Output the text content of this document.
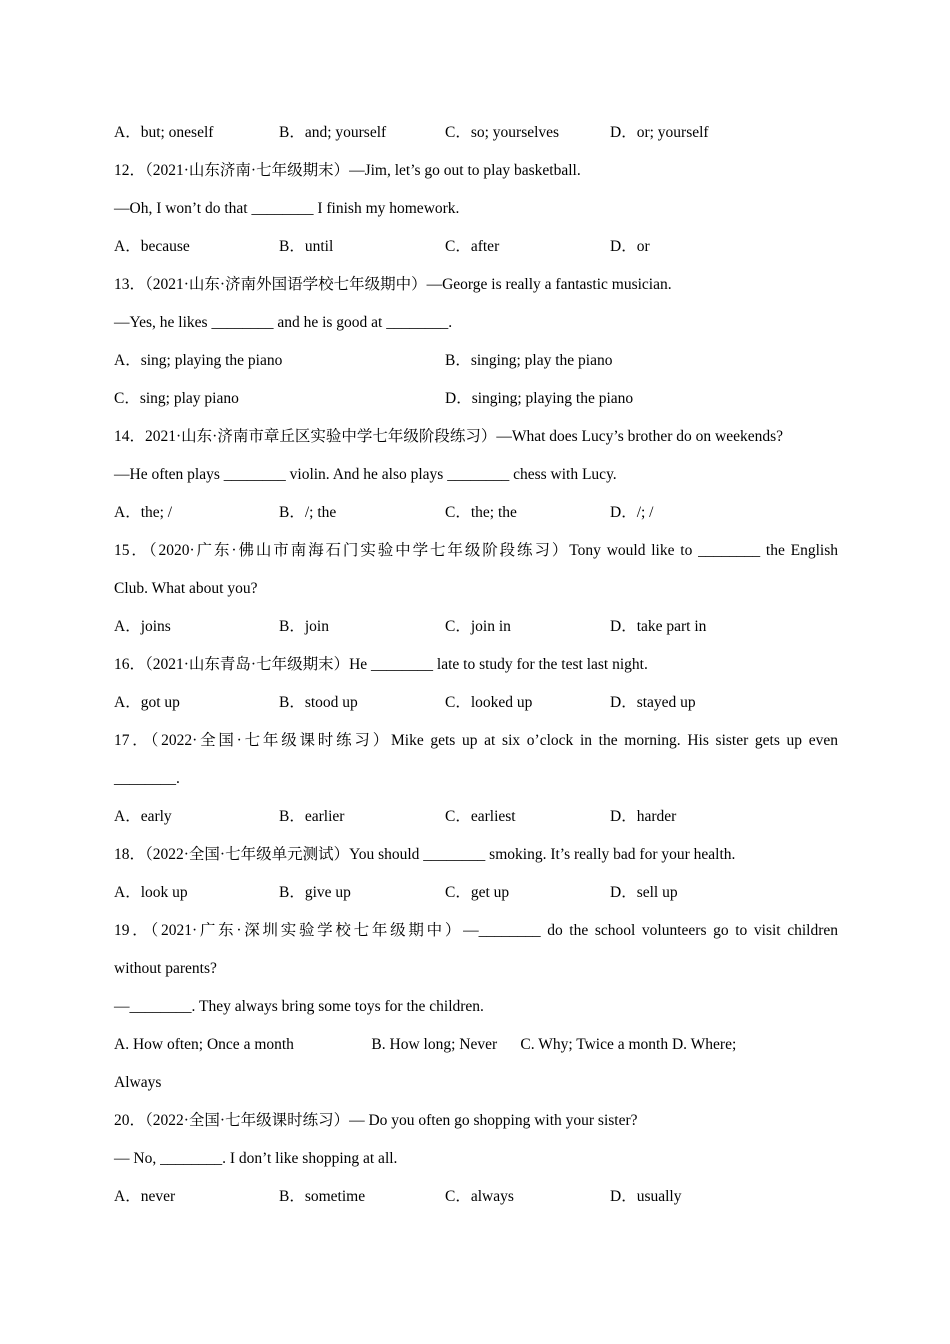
A．but; oneself	B．and; yourself	C．so; yourselves	D．or; yourself
12．（2021·山东济南·七年级期末）—Jim, let’s go out to play basketball.
—Oh, I won’t do that ________ I finish my homework.
A．because	B．until	C．after	D．or
13．（2021·山东·济南外国语学校七年级期中）—George is really a fantastic musician.
—Yes, he likes ________ and he is good at ________.
A．sing; playing the piano	B．singing; play the piano
C．sing; play piano	D．singing; playing the piano
14．2021·山东·济南市章丘区实验中学七年级阶段练习）—What does Lucy’s brother do on weekends?
—He often plays ________ violin. And he also plays ________ chess with Lucy.
A．the; /	B．/; the	C．the; the	D．/; /
15．（2020·广东·佛山市南海石门实验中学七年级阶段练习）Tony would like to ________ the English
Club. What about you?
A．joins	B．join	C．join in	D．take part in
16．（2021·山东青岛·七年级期末）He ________ late to study for the test last night.
A．got up	B．stood up	C．looked up	D．stayed up
17．（2022·全国·七年级课时练习）Mike gets up at six o’clock in the morning. His sister gets up even
________.
A．early	B．earlier	C．earliest	D．harder
18．（2022·全国·七年级单元测试）You should ________ smoking. It’s really bad for your health.
A．look up	B．give up	C．get up	D．sell up
19．（2021·广东·深圳实验学校七年级期中）—________ do the school volunteers go to visit children
without parents?
—________. They always bring some toys for the children.
A. How often; Once a month                    B. How long; Never      C. Why; Twice a month D. Where;
Always
20．（2022·全国·七年级课时练习）— Do you often go shopping with your sister?
— No, ________. I don’t like shopping at all.
A．never	B．sometime	C．always	D．usually
